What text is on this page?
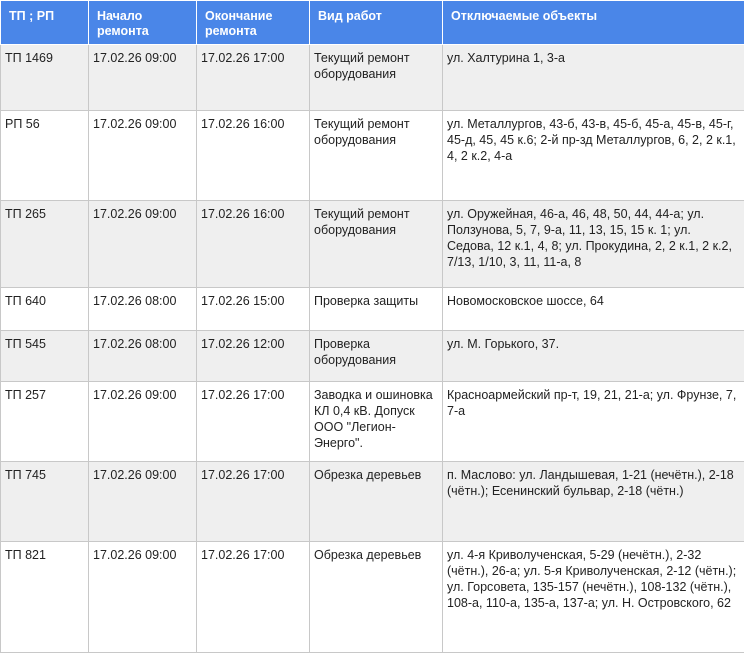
ТП ; РП	Начало ремонта	Окончание ремонта	Вид работ	Отключаемые объекты
ТП 1469	17.02.26 09:00	17.02.26 17:00	Текущий ремонт оборудования	ул. Халтурина 1, 3-а
РП 56	17.02.26 09:00	17.02.26 16:00	Текущий ремонт оборудования	ул. Металлургов, 43-б, 43-в, 45-б, 45-а, 45-в, 45-г, 45-д, 45, 45 к.6; 2-й пр-зд Металлургов, 6, 2, 2 к.1, 4, 2 к.2, 4-а
ТП 265	17.02.26 09:00	17.02.26 16:00	Текущий ремонт оборудования	ул. Оружейная, 46-а, 46, 48, 50, 44, 44-а; ул. Ползунова, 5, 7, 9-а, 11, 13, 15, 15 к. 1; ул. Седова, 12 к.1, 4, 8; ул. Прокудина, 2, 2 к.1, 2 к.2, 7/13, 1/10, 3, 11, 11-а, 8
ТП 640	17.02.26 08:00	17.02.26 15:00	Проверка защиты	Новомосковское шоссе, 64
ТП 545	17.02.26 08:00	17.02.26 12:00	Проверка оборудования	ул. М. Горького, 37.
ТП 257	17.02.26 09:00	17.02.26 17:00	Заводка и ошиновка КЛ 0,4 кВ. Допуск ООО "Легион-Энерго".	Красноармейский пр-т, 19, 21, 21-а; ул. Фрунзе, 7, 7-а
ТП 745	17.02.26 09:00	17.02.26 17:00	Обрезка деревьев	п. Маслово: ул. Ландышевая, 1-21 (нечётн.), 2-18 (чётн.); Есенинский бульвар, 2-18 (чётн.)
ТП 821	17.02.26 09:00	17.02.26 17:00	Обрезка деревьев	ул. 4-я Криволученская, 5-29 (нечётн.), 2-32 (чётн.), 26-а; ул. 5-я Криволученская, 2-12 (чётн.); ул. Горсовета, 135-157 (нечётн.), 108-132 (чётн.), 108-а, 110-а, 135-а, 137-а; ул. Н. Островского, 62
